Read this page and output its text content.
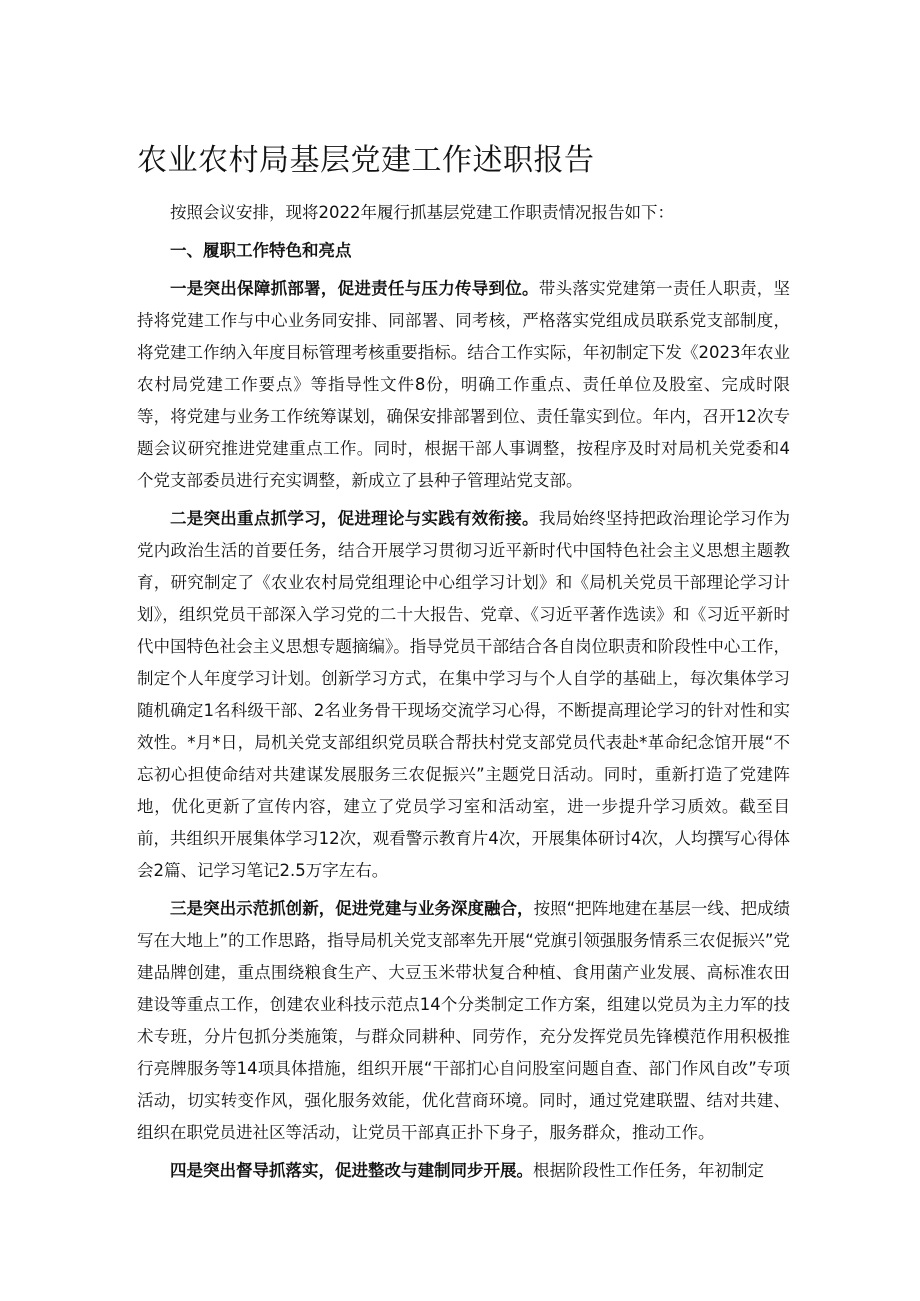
农业农村局基层党建工作述职报告

按照会议安排，现将2022年履行抓基层党建工作职责情况报告如下：

一、履职工作特色和亮点

一是突出保障抓部署，促进责任与压力传导到位。带头落实党建第一责任人职责，坚持将党建工作与中心业务同安排、同部署、同考核，严格落实党组成员联系党支部制度，将党建工作纳入年度目标管理考核重要指标。结合工作实际，年初制定下发《2023年农业农村局党建工作要点》等指导性文件8份，明确工作重点、责任单位及股室、完成时限等，将党建与业务工作统筹谋划，确保安排部署到位、责任靠实到位。年内，召开12次专题会议研究推进党建重点工作。同时，根据干部人事调整，按程序及时对局机关党委和4个党支部委员进行充实调整，新成立了县种子管理站党支部。

二是突出重点抓学习，促进理论与实践有效衔接。我局始终坚持把政治理论学习作为党内政治生活的首要任务，结合开展学习贯彻习近平新时代中国特色社会主义思想主题教育，研究制定了《农业农村局党组理论中心组学习计划》和《局机关党员干部理论学习计划》，组织党员干部深入学习党的二十大报告、党章、《习近平著作选读》和《习近平新时代中国特色社会主义思想专题摘编》。指导党员干部结合各自岗位职责和阶段性中心工作，制定个人年度学习计划。创新学习方式，在集中学习与个人自学的基础上，每次集体学习随机确定1名科级干部、2名业务骨干现场交流学习心得，不断提高理论学习的针对性和实效性。*月*日，局机关党支部组织党员联合帮扶村党支部党员代表赴*革命纪念馆开展“不忘初心担使命结对共建谋发展服务三农促振兴”主题党日活动。同时，重新打造了党建阵地，优化更新了宣传内容，建立了党员学习室和活动室，进一步提升学习质效。截至目前，共组织开展集体学习12次，观看警示教育片4次，开展集体研讨4次，人均撰写心得体会2篇、记学习笔记2.5万字左右。

三是突出示范抓创新，促进党建与业务深度融合，按照“把阵地建在基层一线、把成绩写在大地上”的工作思路，指导局机关党支部率先开展“党旗引领强服务情系三农促振兴”党建品牌创建，重点围绕粮食生产、大豆玉米带状复合种植、食用菌产业发展、高标准农田建设等重点工作，创建农业科技示范点14个分类制定工作方案，组建以党员为主力军的技术专班，分片包抓分类施策，与群众同耕种、同劳作，充分发挥党员先锋模范作用积极推行亮牌服务等14项具体措施，组织开展“干部扪心自问股室问题自查、部门作风自改”专项活动，切实转变作风，强化服务效能，优化营商环境。同时，通过党建联盟、结对共建、组织在职党员进社区等活动，让党员干部真正扑下身子，服务群众，推动工作。

四是突出督导抓落实，促进整改与建制同步开展。根据阶段性工作任务，年初制定
